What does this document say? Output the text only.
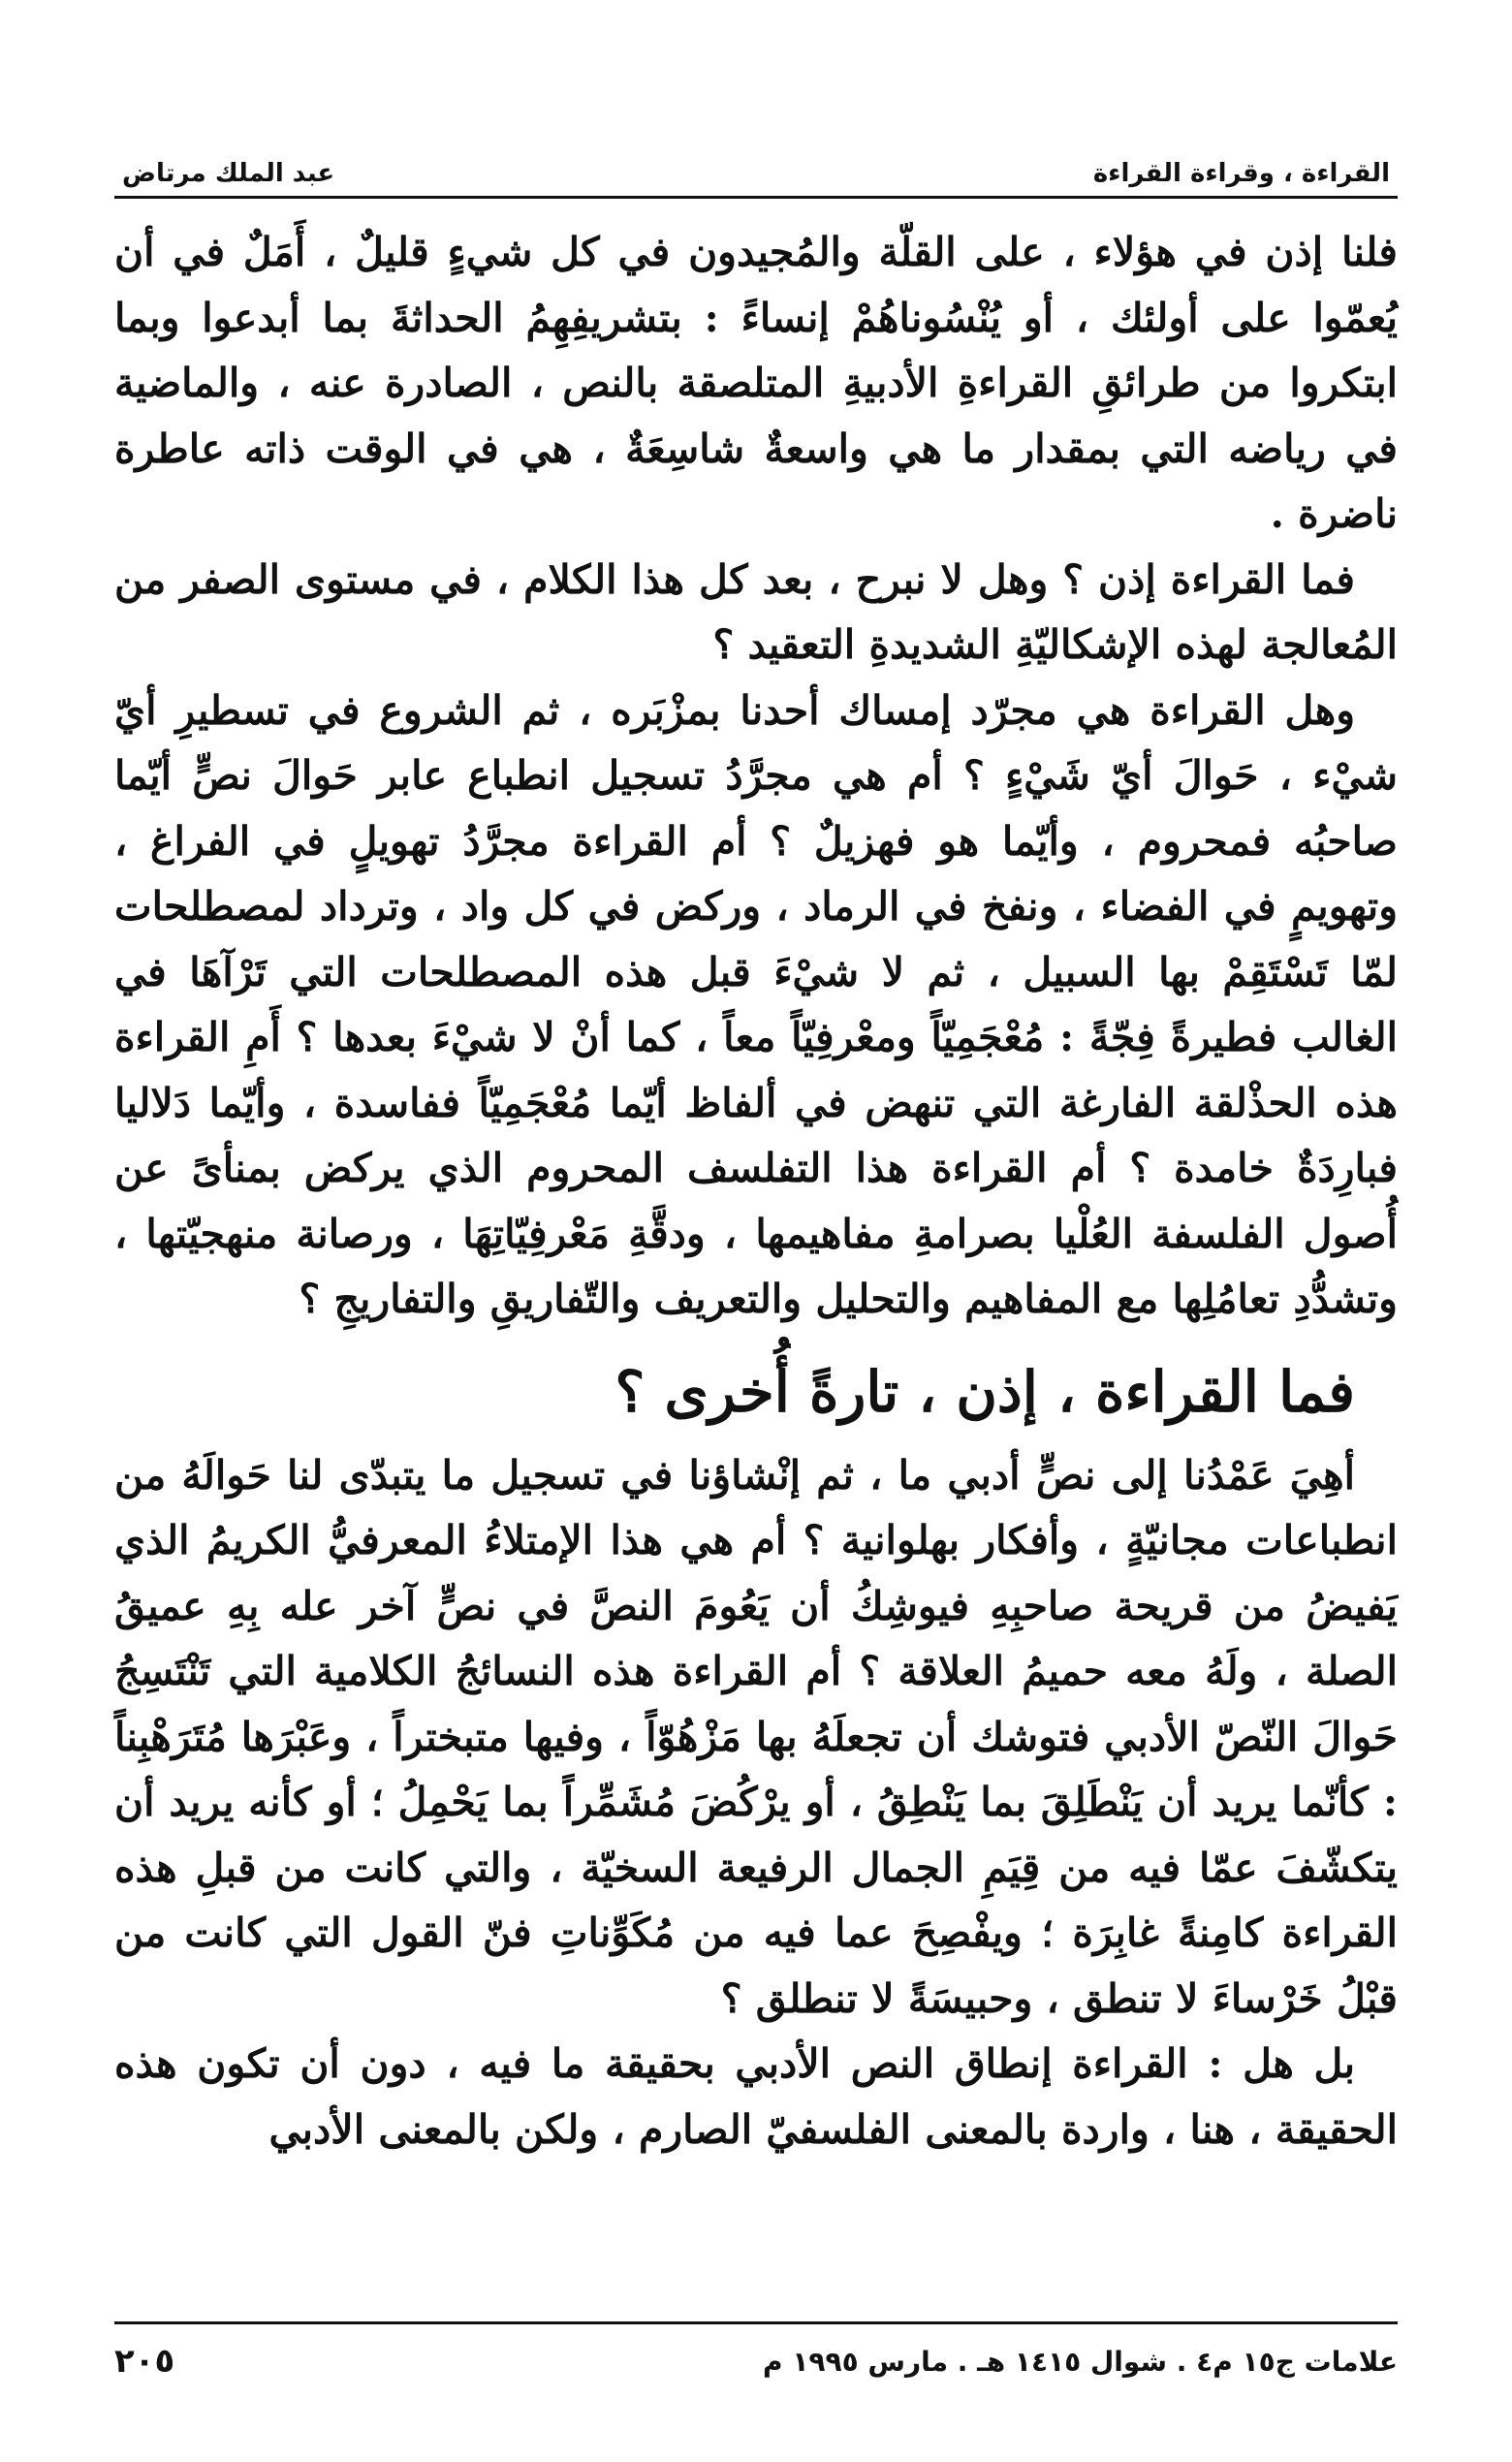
القراءة ، وقراءة القراءة
عبد الملك مرتاض

فلنا إذن في هؤلاء ، على القلّة والمُجيدون في كل شيءٍ قليلٌ ، أَمَلٌ في أن يُعمّوا على أولئك ، أو يُنْسُوناهُمْ إنساءً : بتشريفِهِمُ الحداثةَ بما أبدعوا وبما ابتكروا من طرائقِ القراءةِ الأدبيةِ المتلصقة بالنص ، الصادرة عنه ، والماضية في رياضه التي بمقدار ما هي واسعةٌ شاسِعَةٌ ، هي في الوقت ذاته عاطرة ناضرة .

فما القراءة إذن ؟ وهل لا نبرح ، بعد كل هذا الكلام ، في مستوى الصفر من المُعالجة لهذه الإشكاليّةِ الشديدةِ التعقيد ؟

وهل القراءة هي مجرّد إمساك أحدنا بمزْبَره ، ثم الشروع في تسطيرِ أيّ شيْء ، حَوالَ أيّ شَيْءٍ ؟ أم هي مجرَّدُ تسجيل انطباع عابر حَوالَ نصٍّ أيّما صاحبُه فمحروم ، وأيّما هو فهزيلٌ ؟ أم القراءة مجرَّدُ تهويلٍ في الفراغ ، وتهويمٍ في الفضاء ، ونفخ في الرماد ، وركض في كل واد ، وترداد لمصطلحات لمّا تَسْتَقِمْ بها السبيل ، ثم لا شيْءَ قبل هذه المصطلحات التي تَرْآهَا في الغالب فطيرةً فِجّةً : مُعْجَمِيّاً ومعْرفِيّاً معاً ، كما أنْ لا شيْءَ بعدها ؟ أَمِ القراءة هذه الحذْلقة الفارغة التي تنهض في ألفاظ أيّما مُعْجَمِيّاً ففاسدة ، وأيّما دَلاليا فبارِدَةٌ خامدة ؟ أم القراءة هذا التفلسف المحروم الذي يركض بمنأىً عن أُصول الفلسفة العُلْيا بصرامةِ مفاهيمها ، ودقَّةِ مَعْرفِيّاتِهَا ، ورصانة منهجيّتها ، وتشدُّدِ تعامُلِها مع المفاهيم والتحليل والتعريف والتّفاريقِ والتفاريجِ ؟

فما القراءة ، إذن ، تارةً أُخرى ؟

أهِيَ عَمْدُنا إلى نصٍّ أدبي ما ، ثم إنْشاؤنا في تسجيل ما يتبدّى لنا حَوالَهُ من انطباعات مجانيّةٍ ، وأفكار بهلوانية ؟ أم هي هذا الإمتلاءُ المعرفيُّ الكريمُ الذي يَفيضُ من قريحة صاحبِهِ فيوشِكُ أن يَعُومَ النصَّ في نصٍّ آخر عله بِهِ عميقُ الصلة ، ولَهُ معه حميمُ العلاقة ؟ أم القراءة هذه النسائجُ الكلامية التي تَنْتَسِجُ حَوالَ النّصّ الأدبي فتوشك أن تجعلَهُ بها مَزْهُوّاً ، وفيها متبختراً ، وعَبْرَها مُتَرَهْبِناً : كأنّما يريد أن يَنْطَلِقَ بما يَنْطِقُ ، أو يرْكُضَ مُشَمِّراً بما يَحْمِلُ ؛ أو كأنه يريد أن يتكشّفَ عمّا فيه من قِيَمِ الجمال الرفيعة السخيّة ، والتي كانت من قبلِ هذه القراءة كامِنةً غابِرَة ؛ ويفْصِحَ عما فيه من مُكَوِّناتِ فنّ القول التي كانت من قبْلُ خَرْساءَ لا تنطق ، وحبيسَةً لا تنطلق ؟

بل هل : القراءة إنطاق النص الأدبي بحقيقة ما فيه ، دون أن تكون هذه الحقيقة ، هنا ، واردة بالمعنى الفلسفيّ الصارم ، ولكن بالمعنى الأدبي

علامات ج١٥ م٤ . شوال ١٤١٥ هـ . مارس ١٩٩٥ م
٢٠٥
